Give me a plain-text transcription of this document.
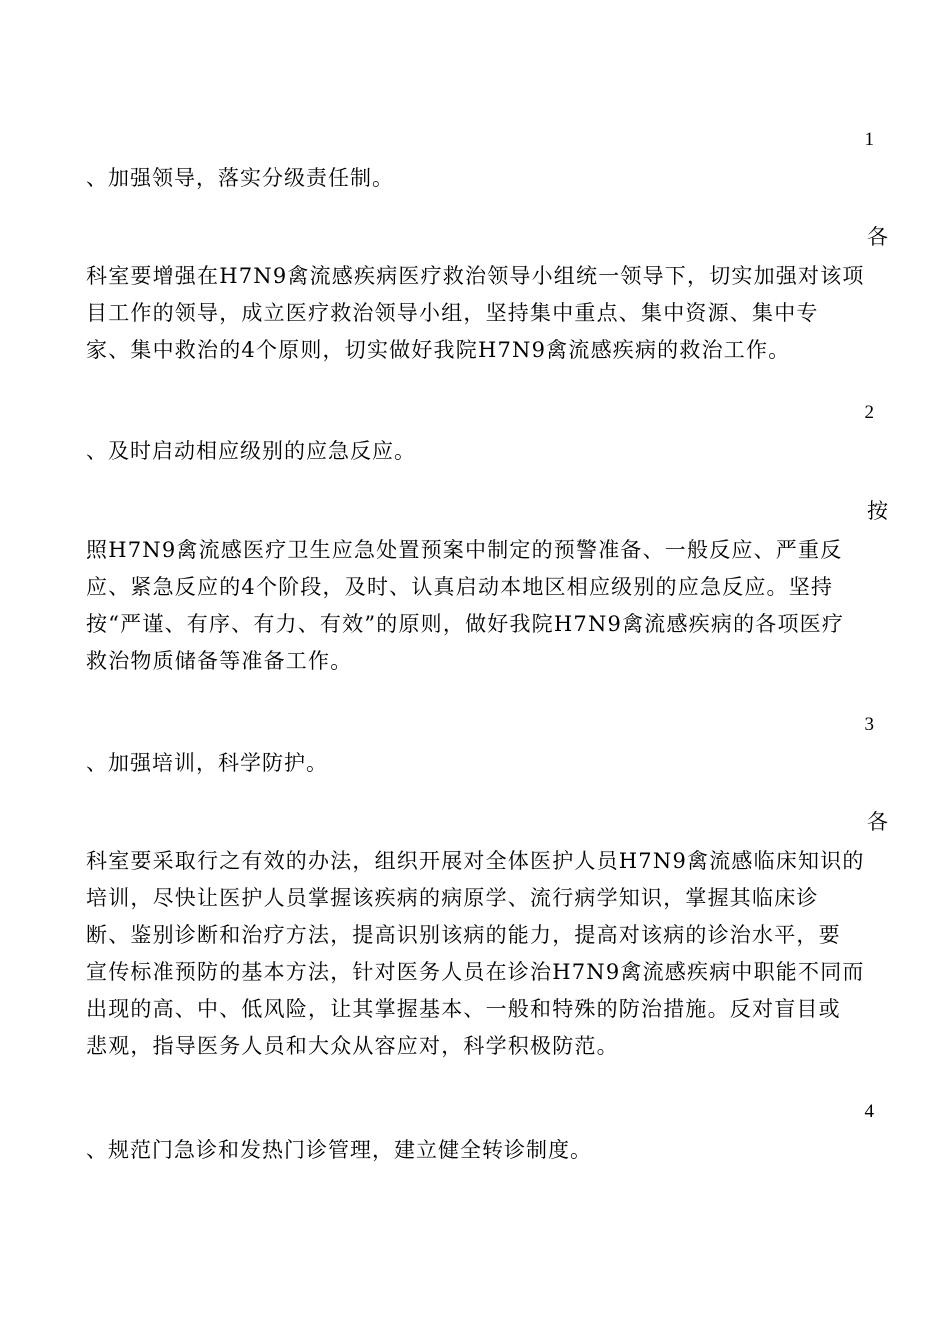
1
、加强领导，落实分级责任制。
各
科室要增强在H7N9禽流感疾病医疗救治领导小组统一领导下，切实加强对该项
目工作的领导，成立医疗救治领导小组，坚持集中重点、集中资源、集中专
家、集中救治的4个原则，切实做好我院H7N9禽流感疾病的救治工作。
2
、及时启动相应级别的应急反应。
按
照H7N9禽流感医疗卫生应急处置预案中制定的预警准备、一般反应、严重反
应、紧急反应的4个阶段，及时、认真启动本地区相应级别的应急反应。坚持
按“严谨、有序、有力、有效”的原则，做好我院H7N9禽流感疾病的各项医疗
救治物质储备等准备工作。
3
、加强培训，科学防护。
各
科室要采取行之有效的办法，组织开展对全体医护人员H7N9禽流感临床知识的
培训，尽快让医护人员掌握该疾病的病原学、流行病学知识，掌握其临床诊
断、鉴别诊断和治疗方法，提高识别该病的能力，提高对该病的诊治水平，要
宣传标准预防的基本方法，针对医务人员在诊治H7N9禽流感疾病中职能不同而
出现的高、中、低风险，让其掌握基本、一般和特殊的防治措施。反对盲目或
悲观，指导医务人员和大众从容应对，科学积极防范。
4
、规范门急诊和发热门诊管理，建立健全转诊制度。
